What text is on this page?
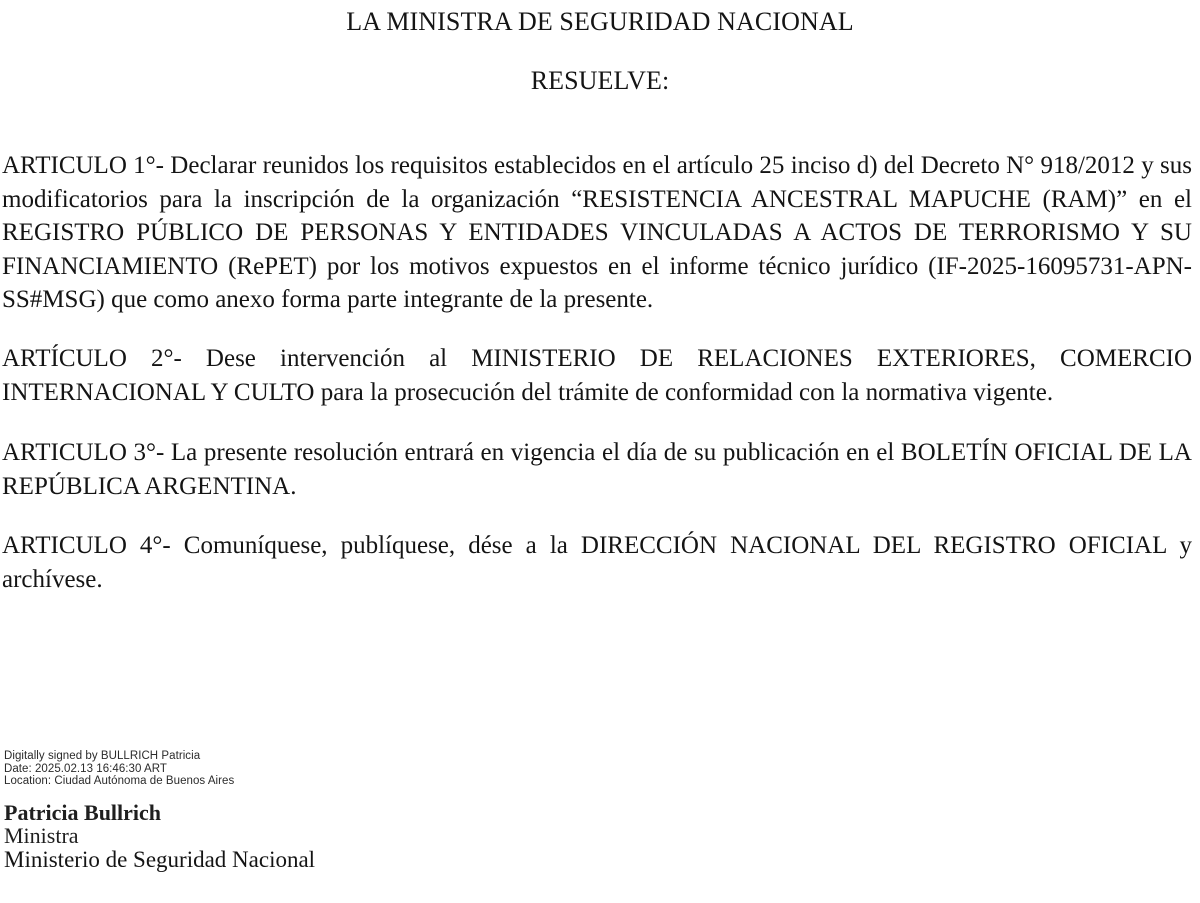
LA MINISTRA DE SEGURIDAD NACIONAL
RESUELVE:

ARTICULO 1°- Declarar reunidos los requisitos establecidos en el artículo 25 inciso d) del Decreto N° 918/2012 y sus modificatorios para la inscripción de la organización “RESISTENCIA ANCESTRAL MAPUCHE (RAM)” en el REGISTRO PÚBLICO DE PERSONAS Y ENTIDADES VINCULADAS A ACTOS DE TERRORISMO Y SU FINANCIAMIENTO (RePET) por los motivos expuestos en el informe técnico jurídico (IF-2025-16095731-APN-SS#MSG) que como anexo forma parte integrante de la presente.

ARTÍCULO 2°- Dese intervención al MINISTERIO DE RELACIONES EXTERIORES, COMERCIO INTERNACIONAL Y CULTO para la prosecución del trámite de conformidad con la normativa vigente.

ARTICULO 3°- La presente resolución entrará en vigencia el día de su publicación en el BOLETÍN OFICIAL DE LA REPÚBLICA ARGENTINA.

ARTICULO 4°- Comuníquese, publíquese, dése a la DIRECCIÓN NACIONAL DEL REGISTRO OFICIAL y archívese.

Digitally signed by BULLRICH Patricia
Date: 2025.02.13 16:46:30 ART
Location: Ciudad Autónoma de Buenos Aires
Patricia Bullrich
Ministra
Ministerio de Seguridad Nacional
